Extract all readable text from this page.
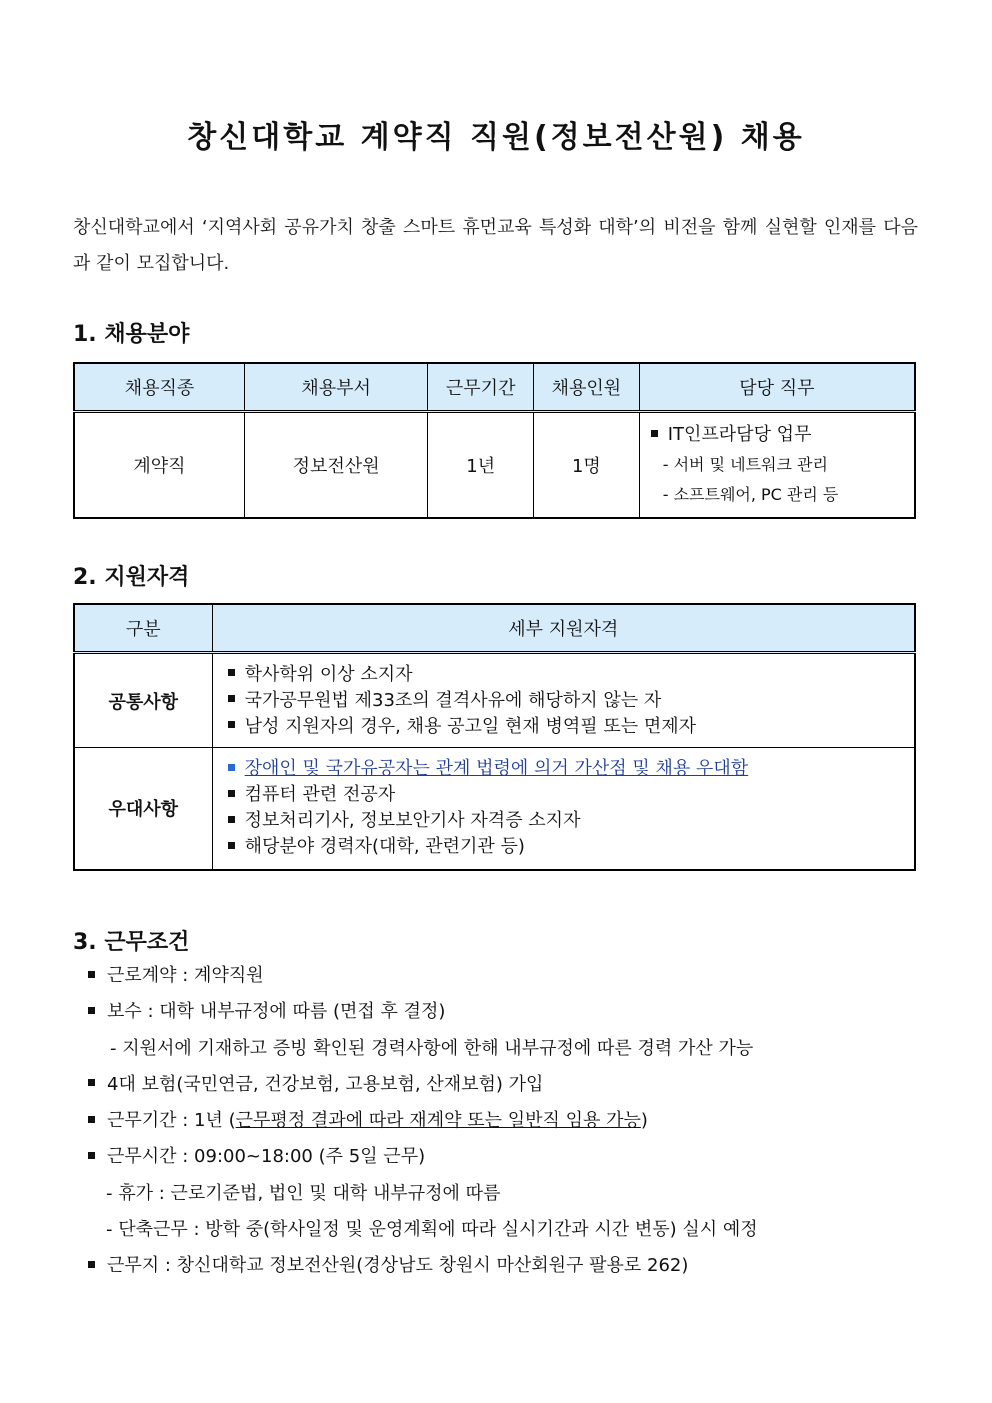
창신대학교 계약직 직원(정보전산원) 채용

창신대학교에서 ‘지역사회 공유가치 창출 스마트 휴먼교육 특성화 대학’의 비전을 함께 실현할 인재를 다음과 같이 모집합니다.

1. 채용분야
채용직종	채용부서	근무기간	채용인원	담당 직무
계약직	정보전산원	1년	1명	IT인프라담당 업무
- 서버 및 네트워크 관리
- 소프트웨어, PC 관리 등
2. 지원자격
구분	세부 지원자격
공통사항	학사학위 이상 소지자
국가공무원법 제33조의 결격사유에 해당하지 않는 자
남성 지원자의 경우, 채용 공고일 현재 병역필 또는 면제자

우대사항	장애인 및 국가유공자는 관계 법령에 의거 가산점 및 채용 우대함
컴퓨터 관련 전공자
정보처리기사, 정보보안기사 자격증 소지자
해당분야 경력자(대학, 관련기관 등)
3. 근무조건
근로계약 : 계약직원
보수 : 대학 내부규정에 따름 (면접 후 결정)
- 지원서에 기재하고 증빙 확인된 경력사항에 한해 내부규정에 따른 경력 가산 가능
4대 보험(국민연금, 건강보험, 고용보험, 산재보험) 가입
근무기간 : 1년 (근무평정 결과에 따라 재계약 또는 일반직 임용 가능)
근무시간 : 09:00~18:00 (주 5일 근무)
- 휴가 : 근로기준법, 법인 및 대학 내부규정에 따름
- 단축근무 : 방학 중(학사일정 및 운영계획에 따라 실시기간과 시간 변동) 실시 예정
근무지 : 창신대학교 정보전산원(경상남도 창원시 마산회원구 팔용로 262)
